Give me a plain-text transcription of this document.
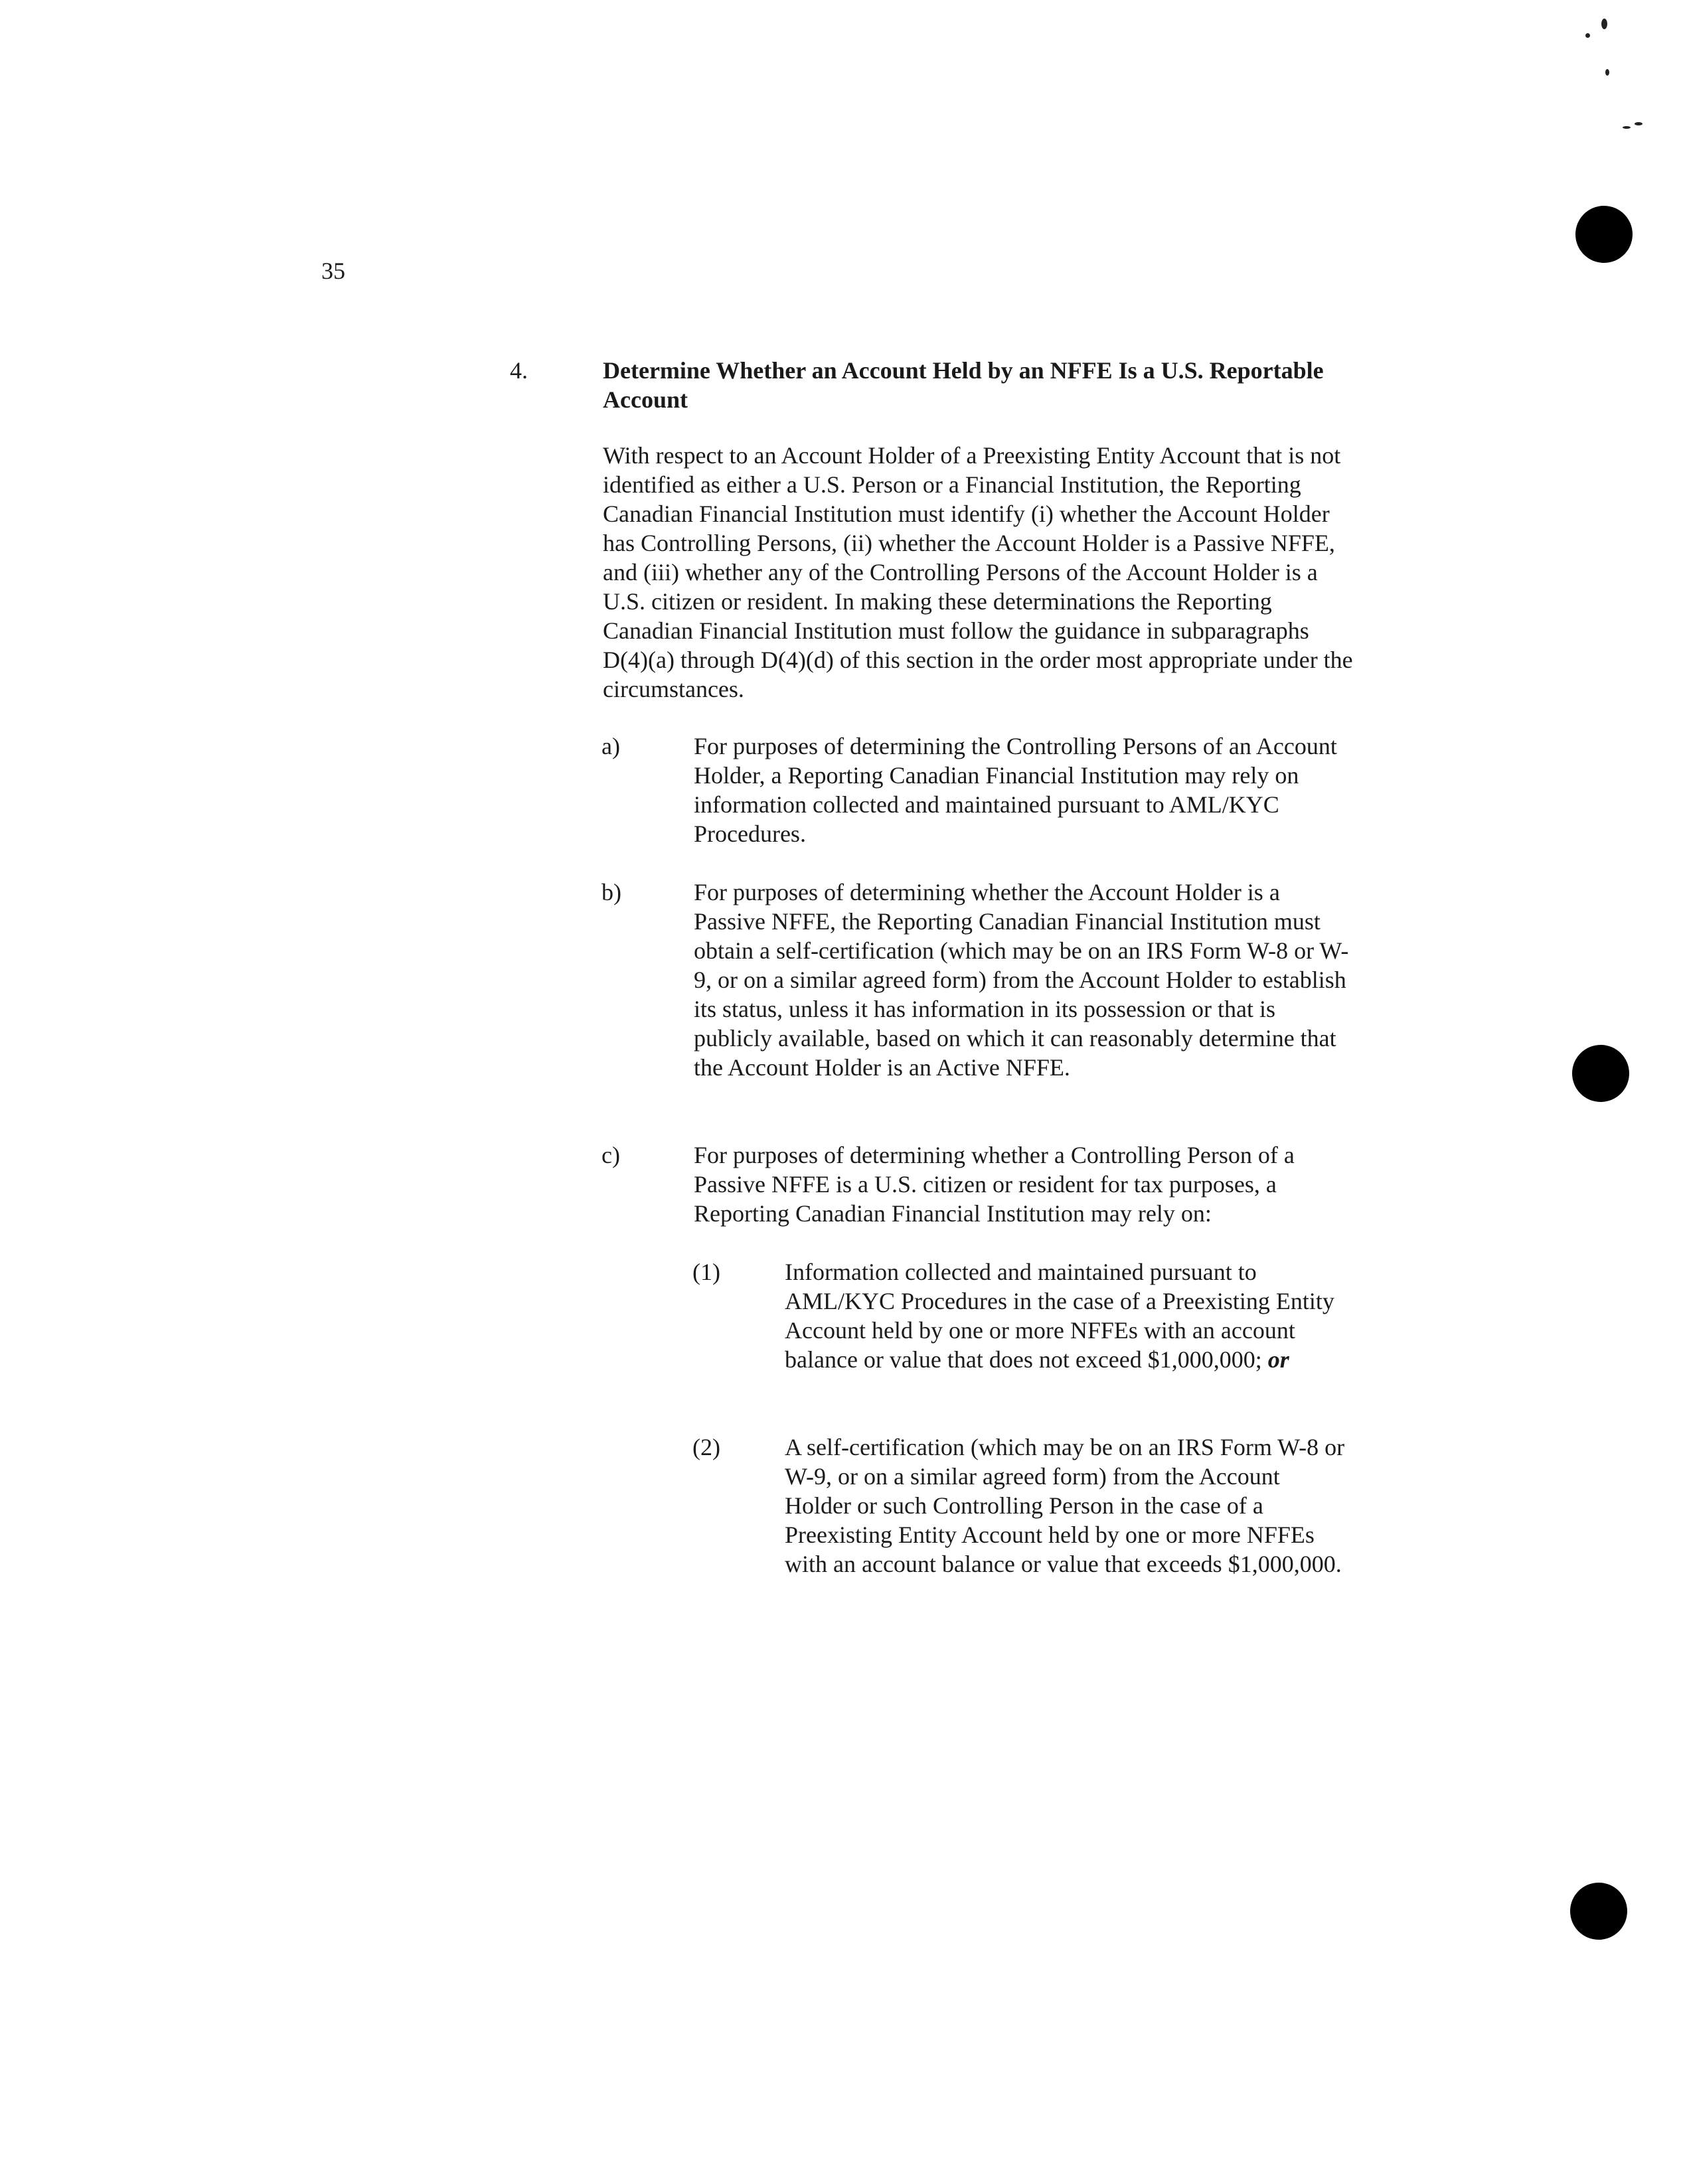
35
4.	Determine Whether an Account Held by an NFFE Is a U.S. Reportable Account
With respect to an Account Holder of a Preexisting Entity Account that is not identified as either a U.S. Person or a Financial Institution, the Reporting Canadian Financial Institution must identify (i) whether the Account Holder has Controlling Persons, (ii) whether the Account Holder is a Passive NFFE, and (iii) whether any of the Controlling Persons of the Account Holder is a U.S. citizen or resident. In making these determinations the Reporting Canadian Financial Institution must follow the guidance in subparagraphs D(4)(a) through D(4)(d) of this section in the order most appropriate under the circumstances.
a)	For purposes of determining the Controlling Persons of an Account Holder, a Reporting Canadian Financial Institution may rely on information collected and maintained pursuant to AML/KYC Procedures.
b)	For purposes of determining whether the Account Holder is a Passive NFFE, the Reporting Canadian Financial Institution must obtain a self-certification (which may be on an IRS Form W-8 or W-9, or on a similar agreed form) from the Account Holder to establish its status, unless it has information in its possession or that is publicly available, based on which it can reasonably determine that the Account Holder is an Active NFFE.
c)	For purposes of determining whether a Controlling Person of a Passive NFFE is a U.S. citizen or resident for tax purposes, a Reporting Canadian Financial Institution may rely on:
(1)	Information collected and maintained pursuant to AML/KYC Procedures in the case of a Preexisting Entity Account held by one or more NFFEs with an account balance or value that does not exceed $1,000,000; or
(2)	A self-certification (which may be on an IRS Form W-8 or W-9, or on a similar agreed form) from the Account Holder or such Controlling Person in the case of a Preexisting Entity Account held by one or more NFFEs with an account balance or value that exceeds $1,000,000.
